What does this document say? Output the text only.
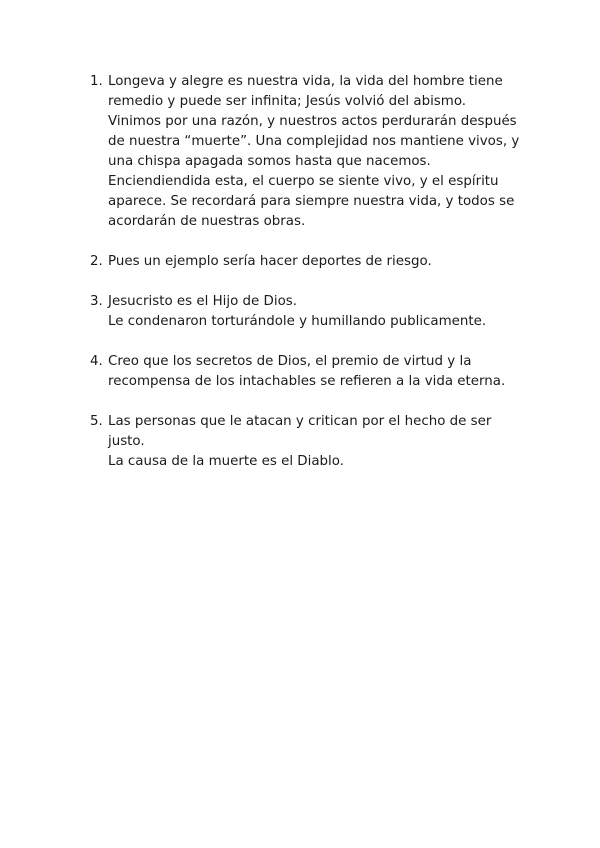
1. Longeva y alegre es nuestra vida, la vida del hombre tiene
remedio y puede ser infinita; Jesús volvió del abismo.
Vinimos por una razón, y nuestros actos perdurarán después
de nuestra “muerte”. Una complejidad nos mantiene vivos, y
una chispa apagada somos hasta que nacemos.
Enciendiendida esta, el cuerpo se siente vivo, y el espíritu
aparece. Se recordará para siempre nuestra vida, y todos se
acordarán de nuestras obras.
2. Pues un ejemplo sería hacer deportes de riesgo.
3. Jesucristo es el Hijo de Dios.
Le condenaron torturándole y humillando publicamente.
4. Creo que los secretos de Dios, el premio de virtud y la
recompensa de los intachables se refieren a la vida eterna.
5. Las personas que le atacan y critican por el hecho de ser
justo.
La causa de la muerte es el Diablo.
